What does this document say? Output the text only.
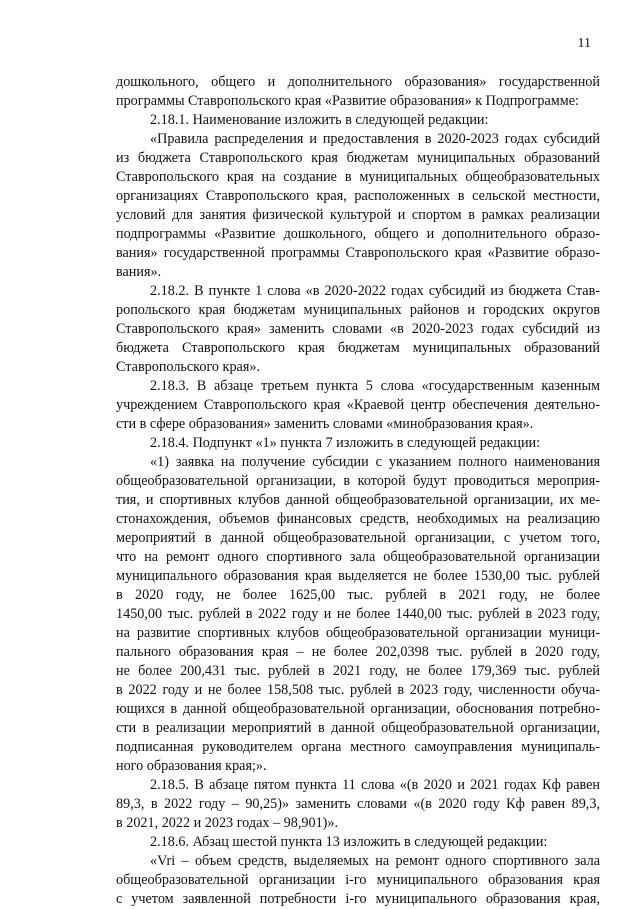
11
дошкольного, общего и дополнительного образования» государственной
программы Ставропольского края «Развитие образования» к Подпрограмме:
2.18.1. Наименование изложить в следующей редакции:
«Правила распределения и предоставления в 2020-2023 годах субсидий
из бюджета Ставропольского края бюджетам муниципальных образований
Ставропольского края на создание в муниципальных общеобразовательных
организациях Ставропольского края, расположенных в сельской местности,
условий для занятия физической культурой и спортом в рамках реализации
подпрограммы «Развитие дошкольного, общего и дополнительного образо-
вания» государственной программы Ставропольского края «Развитие образо-
вания».
2.18.2. В пункте 1 слова «в 2020-2022 годах субсидий из бюджета Став-
ропольского края бюджетам муниципальных районов и городских округов
Ставропольского края» заменить словами «в 2020-2023 годах субсидий из
бюджета Ставропольского края бюджетам муниципальных образований
Ставропольского края».
2.18.3. В абзаце третьем пункта 5 слова «государственным казенным
учреждением Ставропольского края «Краевой центр обеспечения деятельно-
сти в сфере образования» заменить словами «минобразования края».
2.18.4. Подпункт «1» пункта 7 изложить в следующей редакции:
«1) заявка на получение субсидии с указанием полного наименования
общеобразовательной организации, в которой будут проводиться мероприя-
тия, и спортивных клубов данной общеобразовательной организации, их ме-
стонахождения, объемов финансовых средств, необходимых на реализацию
мероприятий в данной общеобразовательной организации, с учетом того,
что на ремонт одного спортивного зала общеобразовательной организации
муниципального образования края выделяется не более 1530,00 тыс. рублей
в 2020 году, не более 1625,00 тыс. рублей в 2021 году, не более
1450,00 тыс. рублей в 2022 году и не более 1440,00 тыс. рублей в 2023 году,
на развитие спортивных клубов общеобразовательной организации муници-
пального образования края – не более 202,0398 тыс. рублей в 2020 году,
не более 200,431 тыс. рублей в 2021 году, не более 179,369 тыс. рублей
в 2022 году и не более 158,508 тыс. рублей в 2023 году, численности обуча-
ющихся в данной общеобразовательной организации, обоснования потребно-
сти в реализации мероприятий в данной общеобразовательной организации,
подписанная руководителем органа местного самоуправления муниципаль-
ного образования края;».
2.18.5. В абзаце пятом пункта 11 слова «(в 2020 и 2021 годах Кф равен
89,3, в 2022 году – 90,25)» заменить словами «(в 2020 году Кф равен 89,3,
в 2021, 2022 и 2023 годах – 98,901)».
2.18.6. Абзац шестой пункта 13 изложить в следующей редакции:
«Vri – объем средств, выделяемых на ремонт одного спортивного зала
общеобразовательной организации i-го муниципального образования края
с учетом заявленной потребности i-го муниципального образования края,
